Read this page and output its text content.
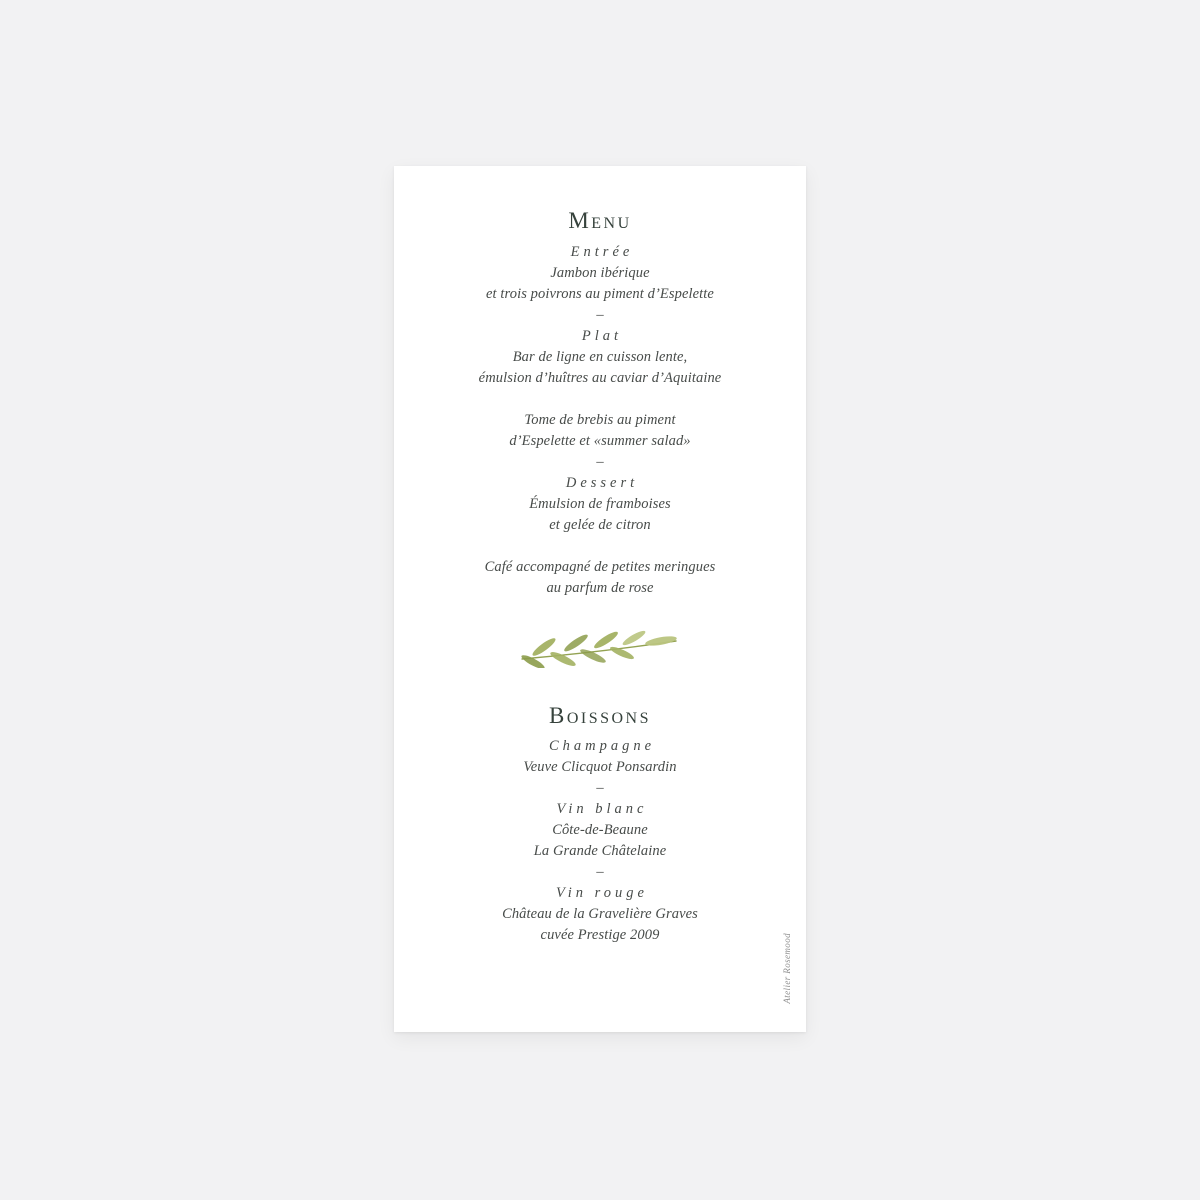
Menu
Entrée
Jambon ibérique
et trois poivrons au piment d’Espelette
–
Plat
Bar de ligne en cuisson lente,
émulsion d’huîtres au caviar d’Aquitaine
Tome de brebis au piment
d’Espelette et «summer salad»
–
Dessert
Émulsion de framboises
et gelée de citron
Café accompagné de petites meringues
au parfum de rose
Boissons
Champagne
Veuve Clicquot Ponsardin
–
Vin blanc
Côte-de-Beaune
La Grande Châtelaine
–
Vin rouge
Château de la Gravelière Graves
cuvée Prestige 2009	Atelier Rosemood
